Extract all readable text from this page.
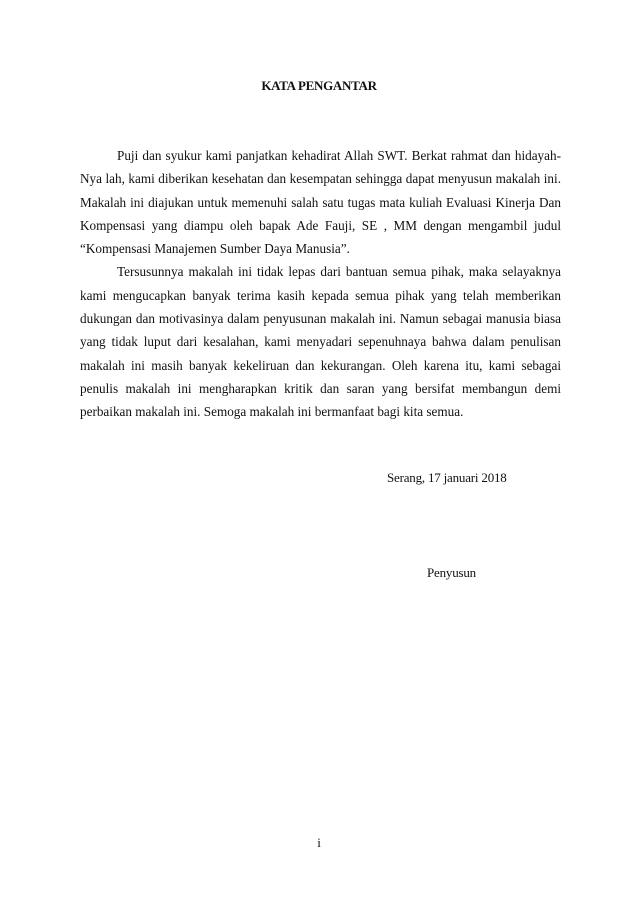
KATA PENGANTAR

Puji dan syukur kami panjatkan kehadirat Allah SWT. Berkat rahmat dan hidayah-Nya lah, kami diberikan kesehatan dan kesempatan sehingga dapat menyusun makalah ini. Makalah ini diajukan untuk memenuhi salah satu tugas mata kuliah Evaluasi Kinerja Dan Kompensasi yang diampu oleh bapak Ade Fauji, SE , MM dengan mengambil judul “Kompensasi Manajemen Sumber Daya Manusia”.

Tersusunnya makalah ini tidak lepas dari bantuan semua pihak, maka selayaknya kami mengucapkan banyak terima kasih kepada semua pihak yang telah memberikan dukungan dan motivasinya dalam penyusunan makalah ini. Namun sebagai manusia biasa yang tidak luput dari kesalahan, kami menyadari sepenuhnaya bahwa dalam penulisan makalah ini masih banyak kekeliruan dan kekurangan. Oleh karena itu, kami sebagai penulis makalah ini mengharapkan kritik dan saran yang bersifat membangun demi perbaikan makalah ini. Semoga makalah ini bermanfaat bagi kita semua.

Serang, 17 januari 2018
Penyusun
i
